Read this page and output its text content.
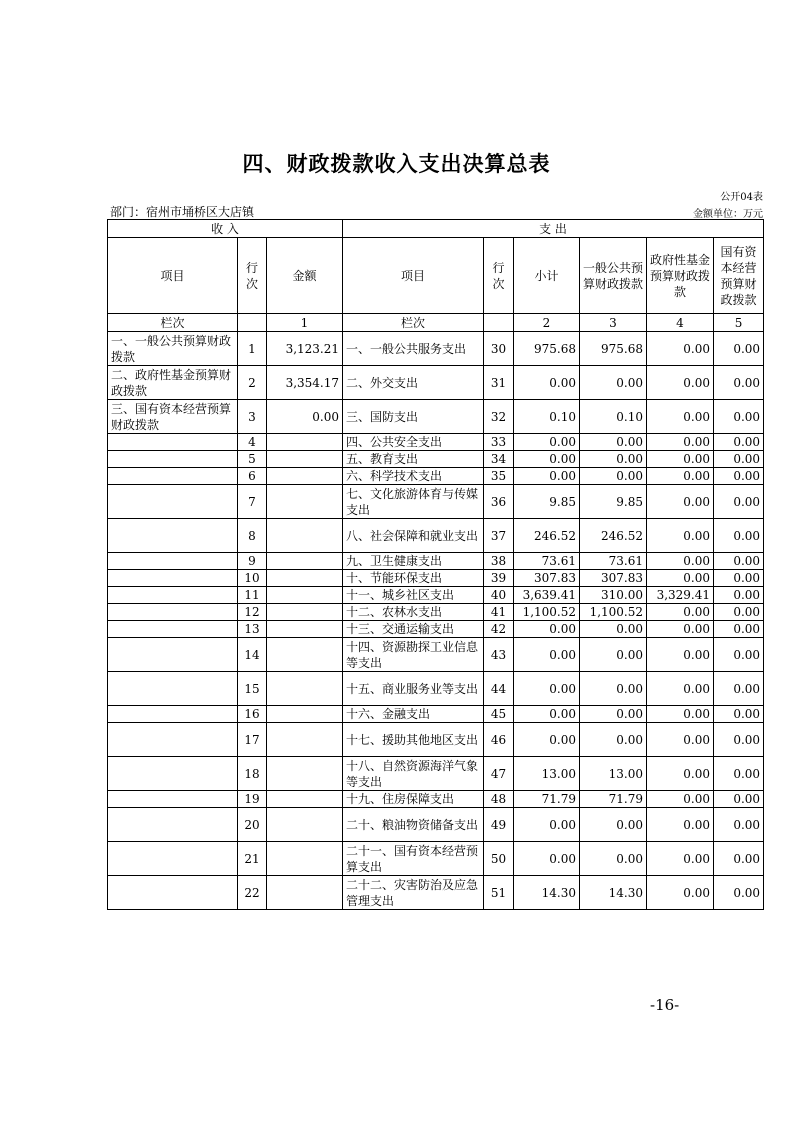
四、财政拨款收入支出决算总表
公开04表
部门：宿州市埇桥区大店镇	金额单位：万元
收 入			支 出					
项目	行次	金额	项目	行次	小计	一般公共预算财政拨款	政府性基金预算财政拨款	国有资本经营预算财政拨款
栏次		1	栏次		2	3	4	5
一、一般公共预算财政拨款	1	3,123.21	一、一般公共服务支出	30	975.68	975.68	0.00	0.00
二、政府性基金预算财政拨款	2	3,354.17	二、外交支出	31	0.00	0.00	0.00	0.00
三、国有资本经营预算财政拨款	3	0.00	三、国防支出	32	0.10	0.10	0.00	0.00
	4		四、公共安全支出	33	0.00	0.00	0.00	0.00
	5		五、教育支出	34	0.00	0.00	0.00	0.00
	6		六、科学技术支出	35	0.00	0.00	0.00	0.00
	7		七、文化旅游体育与传媒支出	36	9.85	9.85	0.00	0.00
	8		八、社会保障和就业支出	37	246.52	246.52	0.00	0.00
	9		九、卫生健康支出	38	73.61	73.61	0.00	0.00
	10		十、节能环保支出	39	307.83	307.83	0.00	0.00
	11		十一、城乡社区支出	40	3,639.41	310.00	3,329.41	0.00
	12		十二、农林水支出	41	1,100.52	1,100.52	0.00	0.00
	13		十三、交通运输支出	42	0.00	0.00	0.00	0.00
	14		十四、资源勘探工业信息等支出	43	0.00	0.00	0.00	0.00
	15		十五、商业服务业等支出	44	0.00	0.00	0.00	0.00
	16		十六、金融支出	45	0.00	0.00	0.00	0.00
	17		十七、援助其他地区支出	46	0.00	0.00	0.00	0.00
	18		十八、自然资源海洋气象等支出	47	13.00	13.00	0.00	0.00
	19		十九、住房保障支出	48	71.79	71.79	0.00	0.00
	20		二十、粮油物资储备支出	49	0.00	0.00	0.00	0.00
	21		二十一、国有资本经营预算支出	50	0.00	0.00	0.00	0.00
	22		二十二、灾害防治及应急管理支出	51	14.30	14.30	0.00	0.00
-16-
